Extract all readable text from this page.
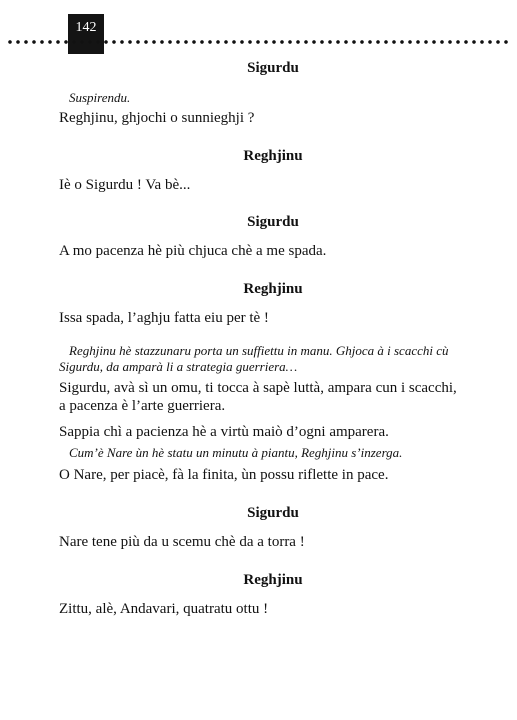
142
Sigurdu
Suspirendu.
Reghjinu, ghjochi o sunnieghji ?
Reghjinu
Iè o Sigurdu ! Va bè...
Sigurdu
A mo pacenza hè più chjuca chè a me spada.
Reghjinu
Issa spada, l’aghju fatta eiu per tè !
Reghjinu hè stazzunaru porta un suffiettu in manu. Ghjoca à i scacchi cù
Sigurdu, da amparà li a strategia guerriera…
Sigurdu, avà sì un omu, ti tocca à sapè luttà, ampara cun i scacchi,
a pacenza è l’arte guerriera.
Sappia chì a pacienza hè a virtù maiò d’ogni amparera.
Cum’è Nare ùn hè statu un minutu à piantu, Reghjinu s’inzerga.
O Nare, per piacè, fà la finita, ùn possu riflette in pace.
Sigurdu
Nare tene più da u scemu chè da a torra !
Reghjinu
Zittu, alè, Andavari, quatratu ottu !
